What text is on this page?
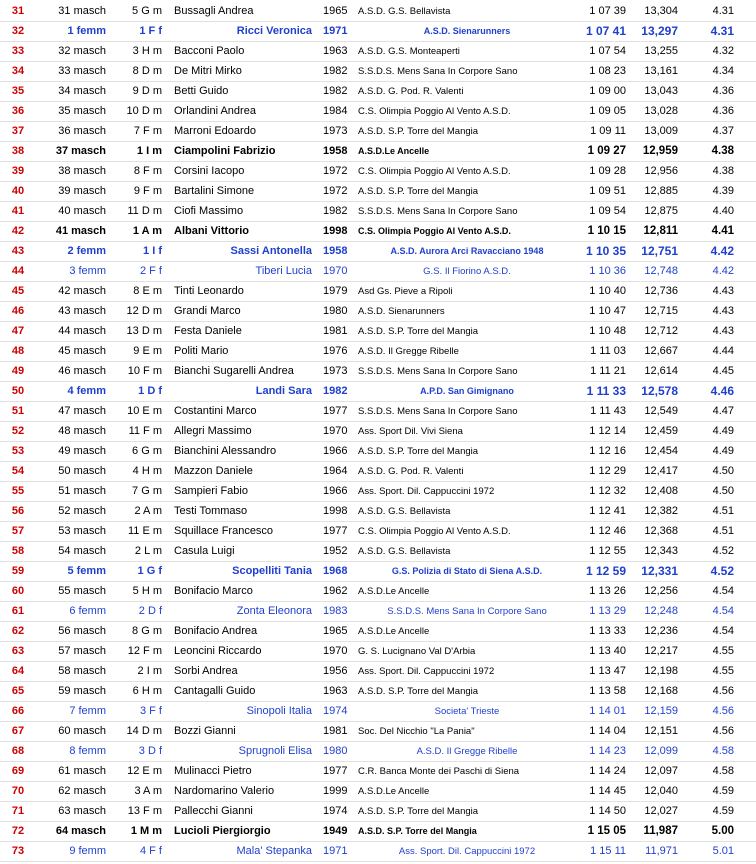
31	31 masch	5 G m Bussagli Andrea	1965	A.S.D. G.S. Bellavista	1 07 39	13,304	4.31
32	1 femm	1 F f	Ricci Veronica 1971	A.S.D. Sienarunners	1 07 41	13,297	4.31
33	32 masch	3 H m Bacconi Paolo	1963	A.S.D. G.S. Monteaperti	1 07 54	13,255	4.32
34	33 masch	8 D m De Mitri Mirko	1982	S.S.D.S. Mens Sana In Corpore Sano	1 08 23	13,161	4.34
35	34 masch	9 D m Betti Guido	1982	A.S.D. G. Pod. R. Valenti	1 09 00	13,043	4.36
36	35 masch	10 D m Orlandini Andrea	1984	C.S. Olimpia Poggio Al Vento A.S.D.	1 09 05	13,028	4.36
37	36 masch	7 F m Marroni Edoardo	1973	A.S.D. S.P. Torre del Mangia	1 09 11	13,009	4.37
38	37 masch	1 I m Ciampolini Fabrizio	1958	A.S.D.Le Ancelle	1 09 27	12,959	4.38
39	38 masch	8 F m Corsini Iacopo	1972	C.S. Olimpia Poggio Al Vento A.S.D.	1 09 28	12,956	4.38
40	39 masch	9 F m Bartalini Simone	1972	A.S.D. S.P. Torre del Mangia	1 09 51	12,885	4.39
41	40 masch	11 D m Ciofi Massimo	1982	S.S.D.S. Mens Sana In Corpore Sano	1 09 54	12,875	4.40
42	41 masch	1 A m Albani Vittorio	1998	C.S. Olimpia Poggio Al Vento A.S.D.	1 10 15	12,811	4.41
43	2 femm	1 I f	Sassi Antonella 1958	A.S.D. Aurora Arci Ravacciano 1948	1 10 35	12,751	4.42
44	3 femm	2 F f	Tiberi Lucia 1970	G.S. Il Fiorino A.S.D.	1 10 36	12,748	4.42
45	42 masch	8 E m Tinti Leonardo	1979	Asd Gs. Pieve a Ripoli	1 10 40	12,736	4.43
46	43 masch	12 D m Grandi Marco	1980	A.S.D. Sienarunners	1 10 47	12,715	4.43
47	44 masch	13 D m Festa Daniele	1981	A.S.D. S.P. Torre del Mangia	1 10 48	12,712	4.43
48	45 masch	9 E m Politi Mario	1976	A.S.D. Il Gregge Ribelle	1 11 03	12,667	4.44
49	46 masch	10 F m Bianchi Sugarelli Andrea	1973	S.S.D.S. Mens Sana In Corpore Sano	1 11 21	12,614	4.45
50	4 femm	1 D f	Landi Sara 1982	A.P.D. San Gimignano	1 11 33	12,578	4.46
51	47 masch	10 E m Costantini Marco	1977	S.S.D.S. Mens Sana In Corpore Sano	1 11 43	12,549	4.47
52	48 masch	11 F m Allegri Massimo	1970	Ass. Sport Dil. Vivi Siena	1 12 14	12,459	4.49
53	49 masch	6 G m Bianchini Alessandro	1966	A.S.D. S.P. Torre del Mangia	1 12 16	12,454	4.49
54	50 masch	4 H m Mazzon Daniele	1964	A.S.D. G. Pod. R. Valenti	1 12 29	12,417	4.50
55	51 masch	7 G m Sampieri Fabio	1966	Ass. Sport. Dil. Cappuccini 1972	1 12 32	12,408	4.50
56	52 masch	2 A m Testi Tommaso	1998	A.S.D. G.S. Bellavista	1 12 41	12,382	4.51
57	53 masch	11 E m Squillace Francesco	1977	C.S. Olimpia Poggio Al Vento A.S.D.	1 12 46	12,368	4.51
58	54 masch	2 L m Casula Luigi	1952	A.S.D. G.S. Bellavista	1 12 55	12,343	4.52
59	5 femm	1 G f	Scopelliti Tania 1968	G.S. Polizia di Stato di Siena A.S.D.	1 12 59	12,331	4.52
60	55 masch	5 H m Bonifacio Marco	1962	A.S.D.Le Ancelle	1 13 26	12,256	4.54
61	6 femm	2 D f	Zonta Eleonora 1983	S.S.D.S. Mens Sana In Corpore Sano	1 13 29	12,248	4.54
62	56 masch	8 G m Bonifacio Andrea	1965	A.S.D.Le Ancelle	1 13 33	12,236	4.54
63	57 masch	12 F m Leoncini Riccardo	1970	G. S. Lucignano Val D'Arbia	1 13 40	12,217	4.55
64	58 masch	2 I m Sorbi Andrea	1956	Ass. Sport. Dil. Cappuccini 1972	1 13 47	12,198	4.55
65	59 masch	6 H m Cantagalli Guido	1963	A.S.D. S.P. Torre del Mangia	1 13 58	12,168	4.56
66	7 femm	3 F f	Sinopoli Italia 1974	Societa' Trieste	1 14 01	12,159	4.56
67	60 masch	14 D m Bozzi Gianni	1981	Soc. Del Nicchio "La Pania"	1 14 04	12,151	4.56
68	8 femm	3 D f	Sprugnoli Elisa 1980	A.S.D. Il Gregge Ribelle	1 14 23	12,099	4.58
69	61 masch	12 E m Mulinacci Pietro	1977	C.R. Banca Monte dei Paschi di Siena	1 14 24	12,097	4.58
70	62 masch	3 A m Nardomarino Valerio	1999	A.S.D.Le Ancelle	1 14 45	12,040	4.59
71	63 masch	13 F m Pallecchi Gianni	1974	A.S.D. S.P. Torre del Mangia	1 14 50	12,027	4.59
72	64 masch	1 M m Lucioli Piergiorgio	1949	A.S.D. S.P. Torre del Mangia	1 15 05	11,987	5.00
73	9 femm	4 F f	Mala' Stepanka 1971	Ass. Sport. Dil. Cappuccini 1972	1 15 11	11,971	5.01
